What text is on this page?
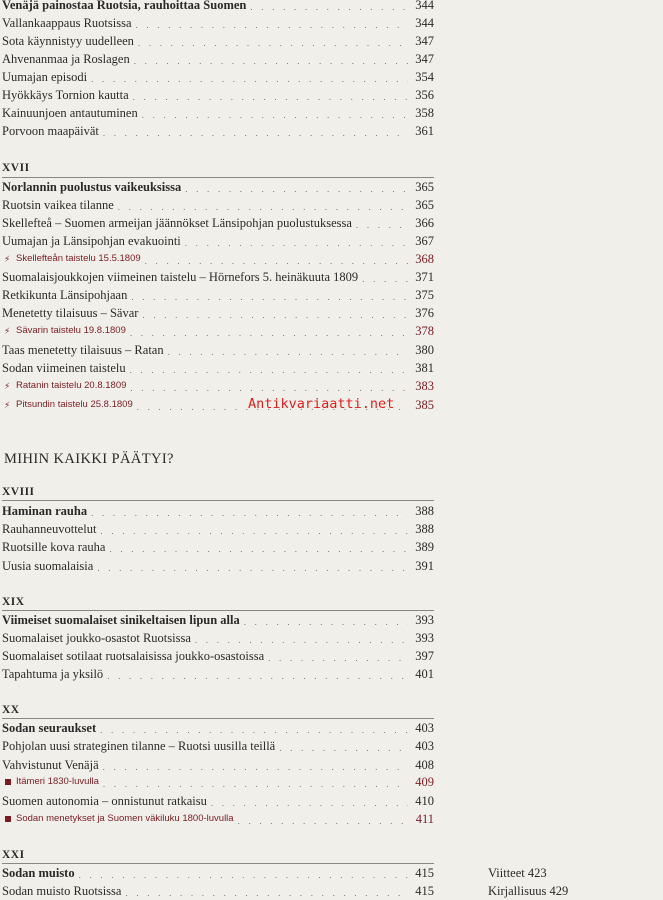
Venäjä painostaa Ruotsia, rauhoittaa Suomen . . .	344
Vallankaappaus Ruotsissa . . .	344
Sota käynnistyy uudelleen . . .	347
Ahvenanmaa ja Roslagen . . .	347
Uumajan episodi . . .	354
Hyökkäys Tornion kautta . . .	356
Kainuunjoen antautuminen . . .	358
Porvoon maapäivät . . .	361
XVII
Norlannin puolustus vaikeuksissa . . .	365
Ruotsin vaikea tilanne . . .	365
Skellefteå – Suomen armeijan jäännökset Länsipohjan puolustuksessa . . .	366
Uumajan ja Länsipohjan evakuointi . . .	367
⚡ Skellefteån taistelu 15.5.1809 . . .	368
Suomalaisjoukkojen viimeinen taistelu – Hörnefors 5. heinäkuuta 1809 . . .	371
Retkikunta Länsipohjaan . . .	375
Menetetty tilaisuus – Sävar . . .	376
⚡ Sävarin taistelu 19.8.1809 . . .	378
Taas menetetty tilaisuus – Ratan . . .	380
Sodan viimeinen taistelu . . .	381
⚡ Ratanin taistelu 20.8.1809 . . .	383
⚡ Pitsundin taistelu 25.8.1809 . . .	385
Antikvariaatti.net
MIHIN KAIKKI PÄÄTYI?
XVIII
Haminan rauha . . .	388
Rauhanneuvottelut . . .	388
Ruotsille kova rauha . . .	389
Uusia suomalaisia . . .	391
XIX
Viimeiset suomalaiset sinikeltaisen lipun alla . . .	393
Suomalaiset joukko-osastot Ruotsissa . . .	393
Suomalaiset sotilaat ruotsalaisissa joukko-osastoissa . . .	397
Tapahtuma ja yksilö . . .	401
XX
Sodan seuraukset . . .	403
Pohjolan uusi strateginen tilanne – Ruotsi uusilla teillä . . .	403
Vahvistunut Venäjä . . .	408
Itämeri 1830-luvulla . . .	409
Suomen autonomia – onnistunut ratkaisu . . .	410
Sodan menetykset ja Suomen väkiluku 1800-luvulla . . .	411
XXI
Sodan muisto . . .	415
Sodan muisto Ruotsissa . . .	415
Viitteet 423
Kirjallisuus 429
